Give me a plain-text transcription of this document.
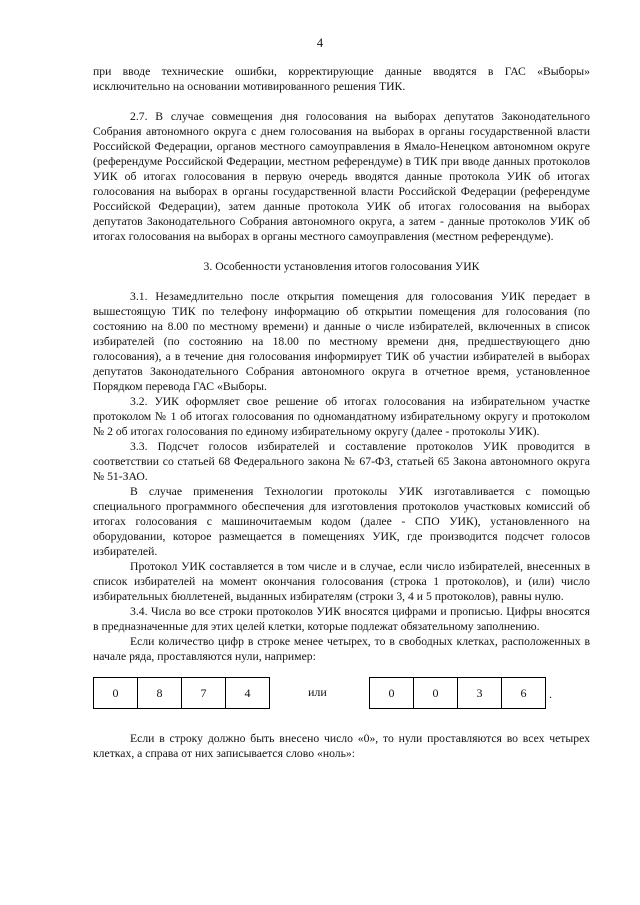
4

при вводе технические ошибки, корректирующие данные вводятся в ГАС «Выборы» исключительно на основании мотивированного решения ТИК.

2.7. В случае совмещения дня голосования на выборах депутатов Законодательного Собрания автономного округа с днем голосования на выборах в органы государственной власти Российской Федерации, органов местного самоуправления в Ямало-Ненецком автономном округе (референдуме Российской Федерации, местном референдуме) в ТИК при вводе данных протоколов УИК об итогах голосования в первую очередь вводятся данные протокола УИК об итогах голосования на выборах в органы государственной власти Российской Федерации (референдуме Российской Федерации), затем данные протокола УИК об итогах голосования на выборах депутатов Законодательного Собрания автономного округа, а затем - данные протоколов УИК об итогах голосования на выборах в органы местного самоуправления (местном референдуме).

3. Особенности установления итогов голосования УИК

3.1. Незамедлительно после открытия помещения для голосования УИК передает в вышестоящую ТИК по телефону информацию об открытии помещения для голосования (по состоянию на 8.00 по местному времени) и данные о числе избирателей, включенных в список избирателей (по состоянию на 18.00 по местному времени дня, предшествующего дню голосования), а в течение дня голосования информирует ТИК об участии избирателей в выборах депутатов Законодательного Собрания автономного округа в отчетное время, установленное Порядком перевода ГАС «Выборы.

3.2. УИК оформляет свое решение об итогах голосования на избирательном участке протоколом № 1 об итогах голосования по одномандатному избирательному округу и протоколом № 2 об итогах голосования по единому избирательному округу (далее - протоколы УИК).

3.3. Подсчет голосов избирателей и составление протоколов УИК проводится в соответствии со статьей 68 Федерального закона № 67-ФЗ, статьей 65 Закона автономного округа № 51-ЗАО.

В случае применения Технологии протоколы УИК изготавливается с помощью специального программного обеспечения для изготовления протоколов участковых комиссий об итогах голосования с машиночитаемым кодом (далее - СПО УИК), установленного на оборудовании, которое размещается в помещениях УИК, где производится подсчет голосов избирателей.

Протокол УИК составляется в том числе и в случае, если число избирателей, внесенных в список избирателей на момент окончания голосования (строка 1 протоколов), и (или) число избирательных бюллетеней, выданных избирателям (строки 3, 4 и 5 протоколов), равны нулю.

3.4. Числа во все строки протоколов УИК вносятся цифрами и прописью. Цифры вносятся в предназначенные для этих целей клетки, которые подлежат обязательному заполнению.

Если количество цифр в строке менее четырех, то в свободных клетках, расположенных в начале ряда, проставляются нули, например:

0	8	7	4	или	0	0	3	6	.

Если в строку должно быть внесено число «0», то нули проставляются во всех четырех клетках, а справа от них записывается слово «ноль»:
